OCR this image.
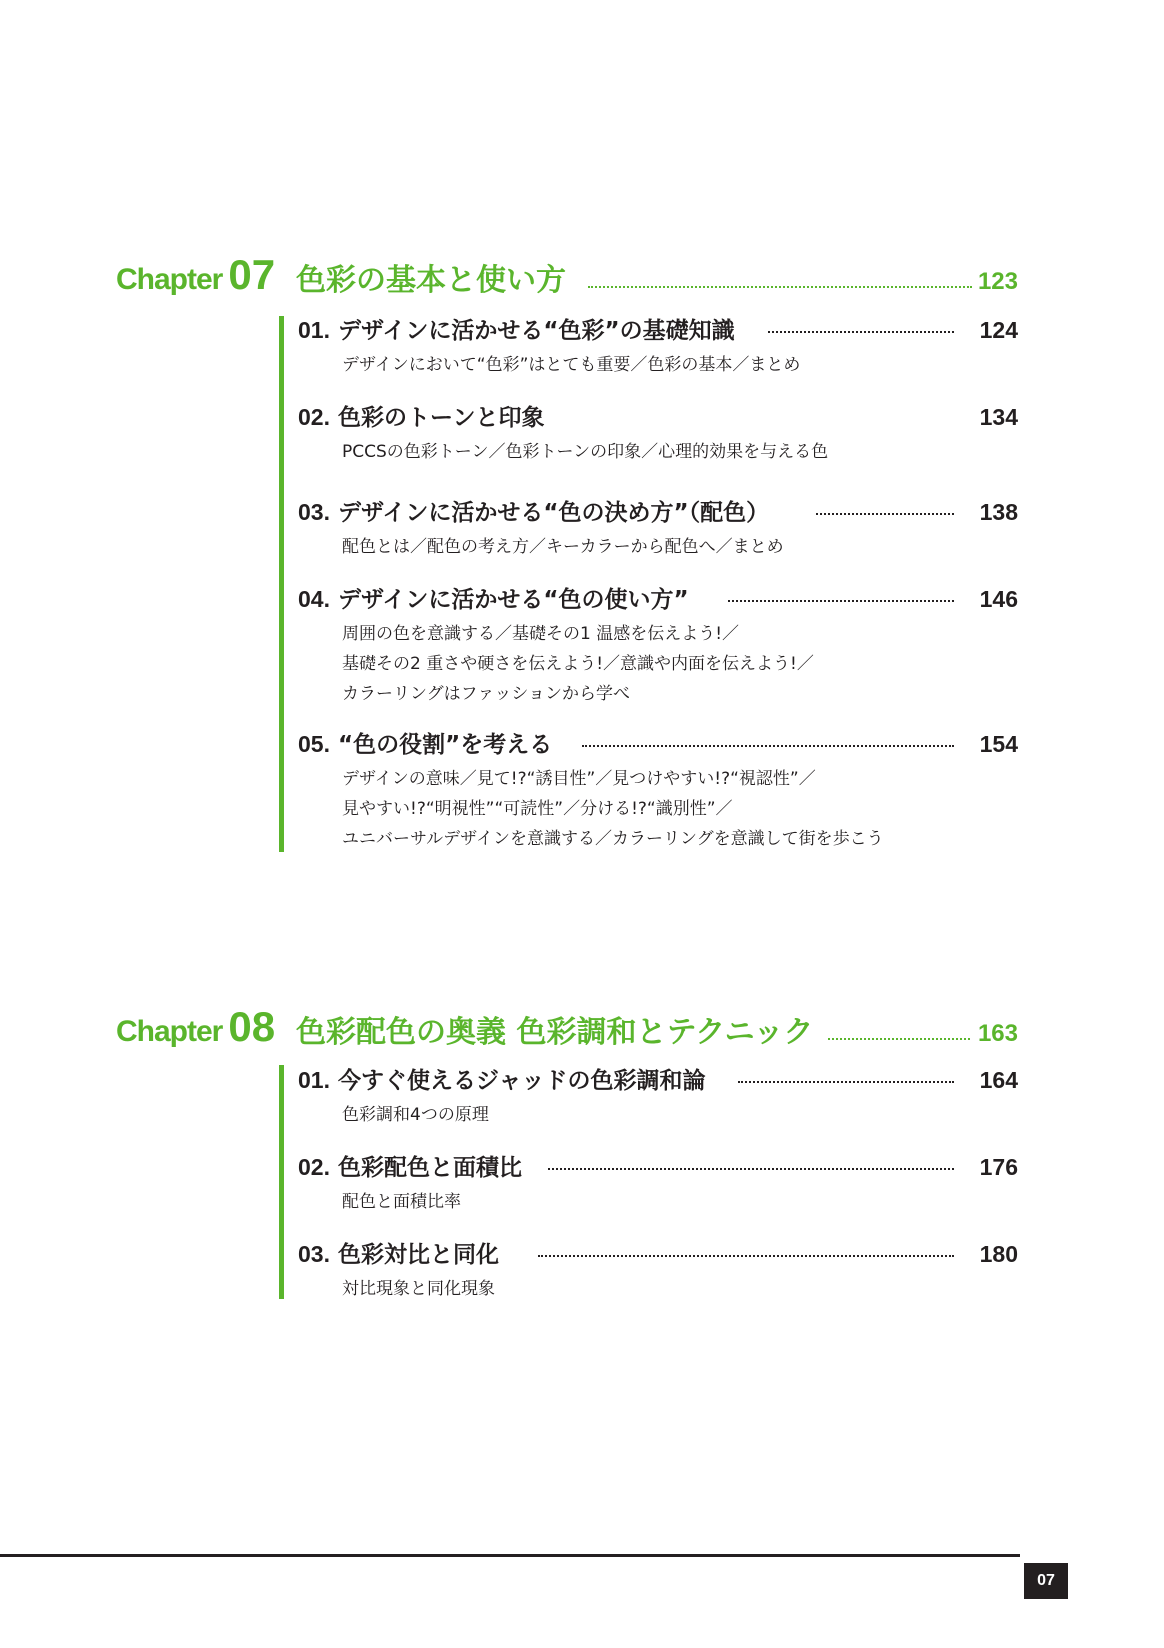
Chapter 07 色彩の基本と使い方	123
01. デザインに活かせる“色彩”の基礎知識	124
デザインにおいて“色彩”はとても重要／色彩の基本／まとめ
02. 色彩のトーンと印象	134
PCCSの色彩トーン／色彩トーンの印象／心理的効果を与える色
03. デザインに活かせる“色の決め方”（配色）	138
配色とは／配色の考え方／キーカラーから配色へ／まとめ
04. デザインに活かせる“色の使い方”	146
周囲の色を意識する／基礎その1 温感を伝えよう!／
基礎その2 重さや硬さを伝えよう!／意識や内面を伝えよう!／
カラーリングはファッションから学べ
05. “色の役割”を考える	154
デザインの意味／見て!?“誘目性”／見つけやすい!?“視認性”／
見やすい!?“明視性”“可読性”／分ける!?“識別性”／
ユニバーサルデザインを意識する／カラーリングを意識して街を歩こう
Chapter 08 色彩配色の奥義 色彩調和とテクニック	163
01. 今すぐ使えるジャッドの色彩調和論	164
色彩調和4つの原理
02. 色彩配色と面積比	176
配色と面積比率
03. 色彩対比と同化	180
対比現象と同化現象
07
